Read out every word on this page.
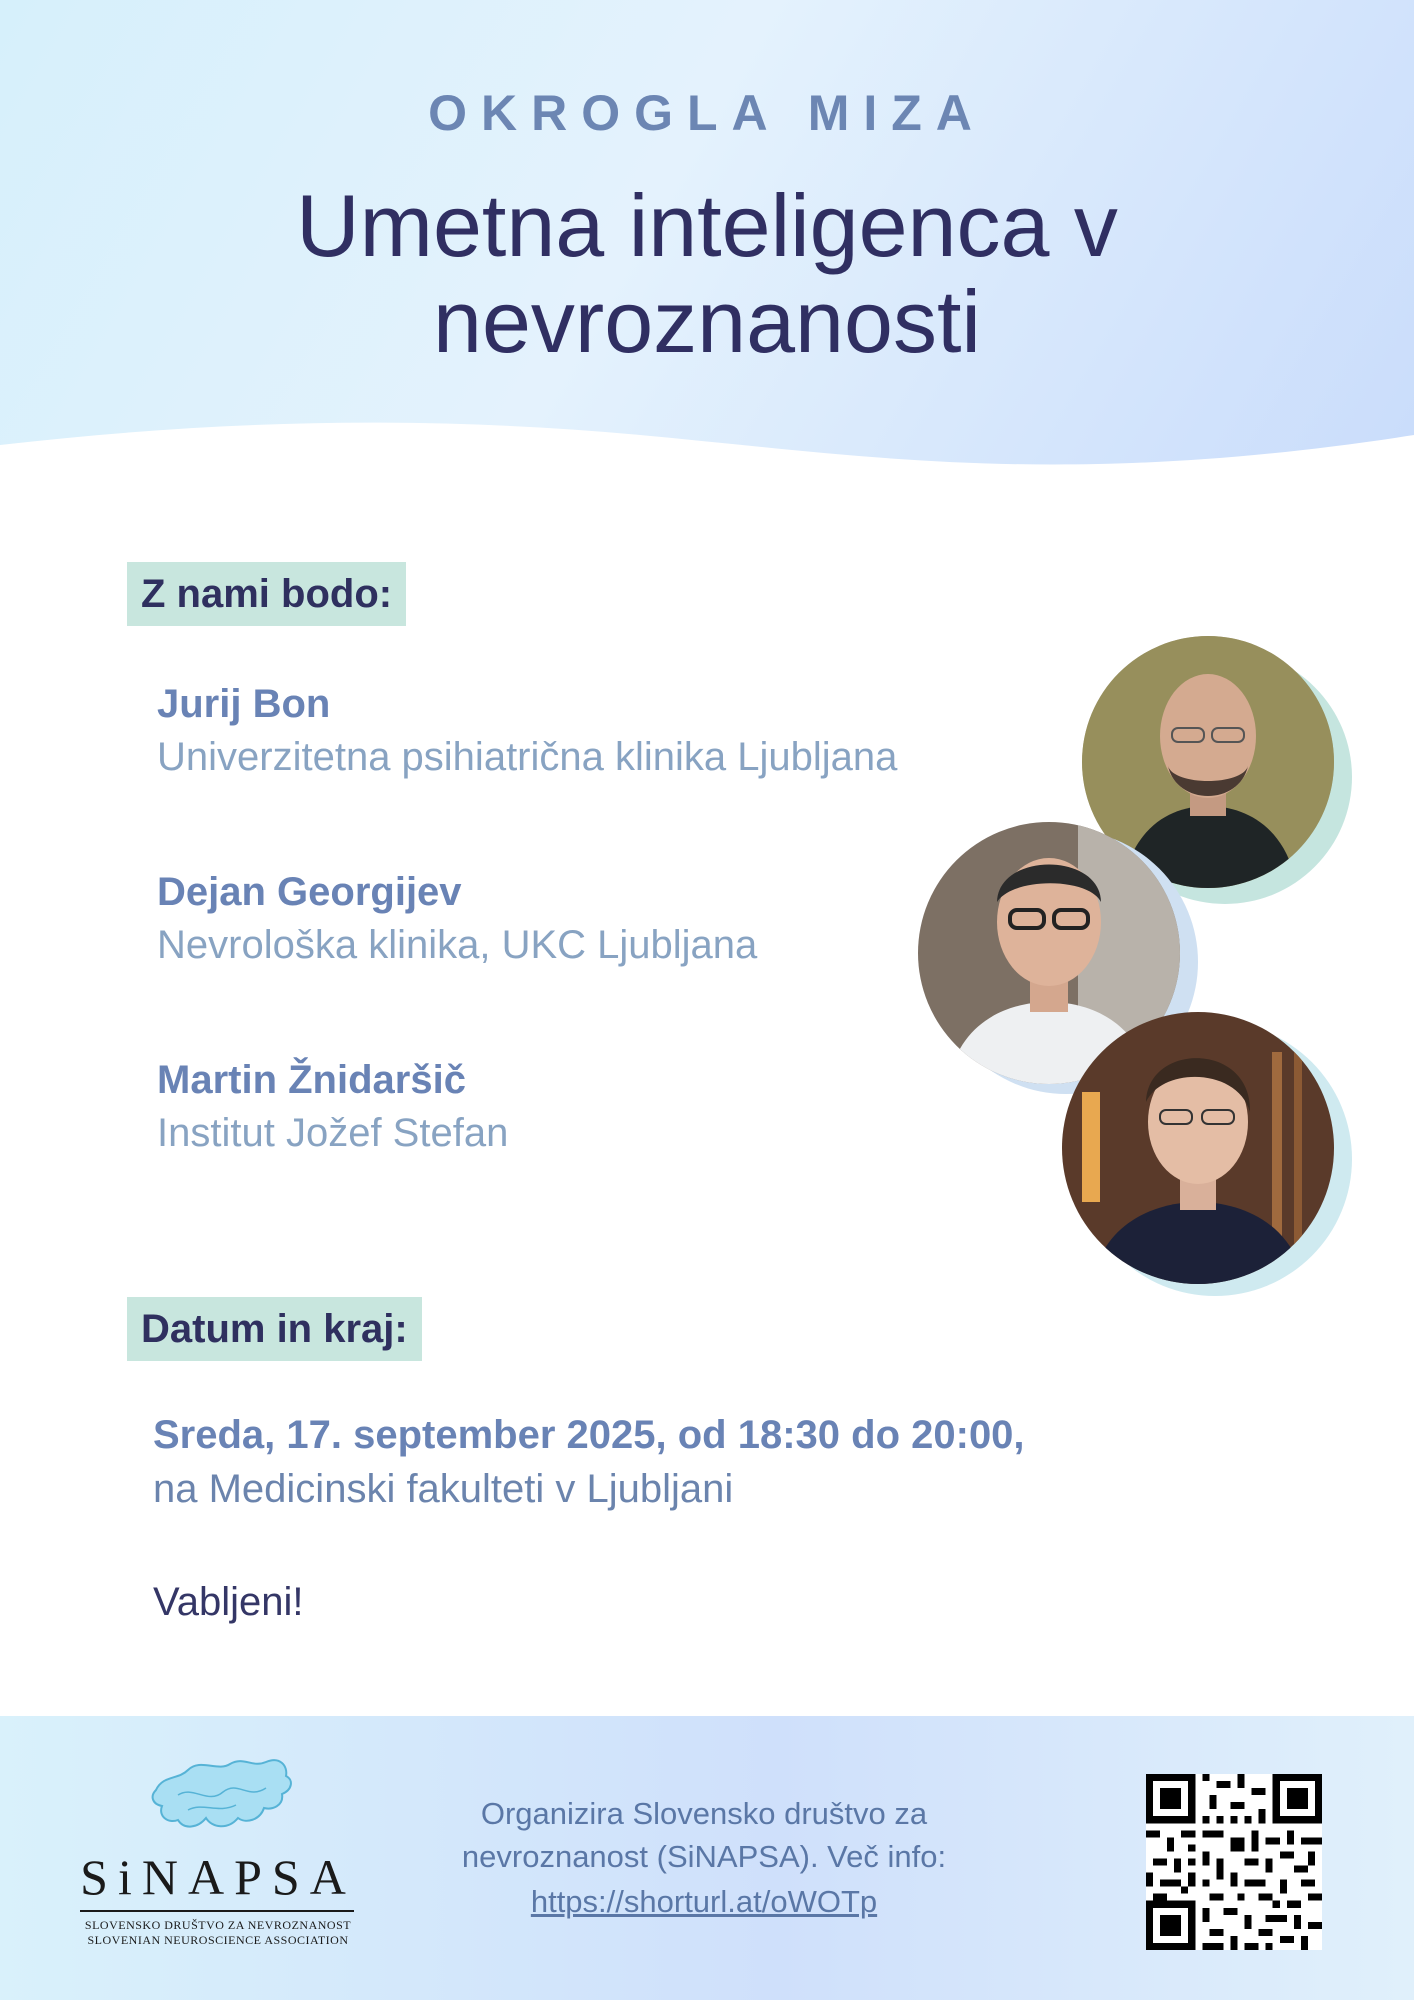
OKROGLA MIZA
Umetna inteligenca v
nevroznanosti
Z nami bodo:
Jurij Bon
Univerzitetna psihiatrična klinika Ljubljana
Dejan Georgijev
Nevrološka klinika, UKC Ljubljana
Martin Žnidaršič
Institut Jožef Stefan
Datum in kraj:
Sreda, 17. september 2025, od 18:30 do 20:00,
na Medicinski fakulteti v Ljubljani
Vabljeni!
SiNAPSA
SLOVENSKO DRUŠTVO ZA NEVROZNANOST
SLOVENIAN NEUROSCIENCE ASSOCIATION
Organizira Slovensko društvo za
nevroznanost (SiNAPSA). Več info:
https://shorturl.at/oWOTp
